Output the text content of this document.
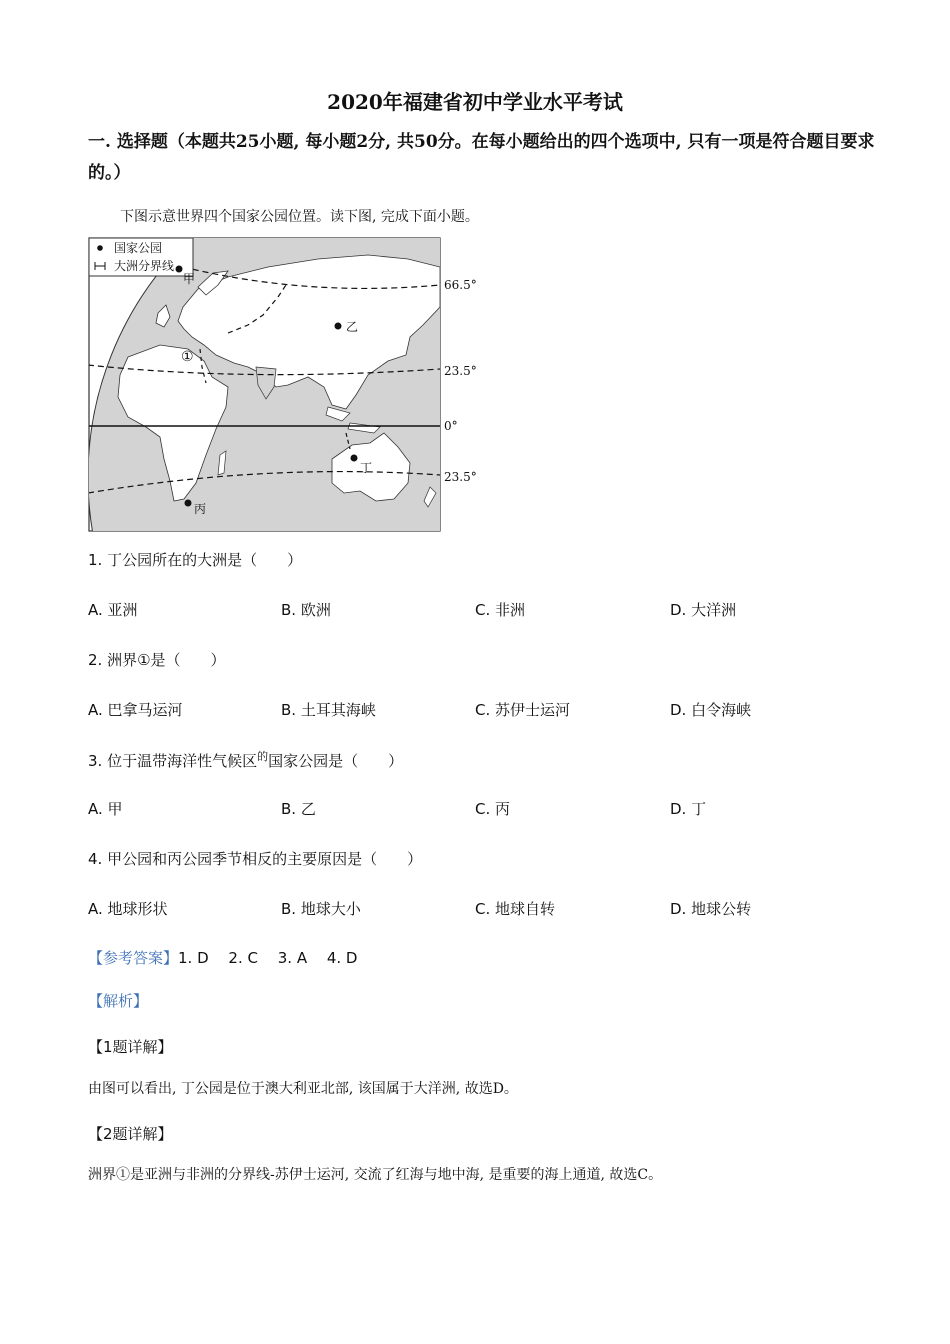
2020年福建省初中学业水平考试
一. 选择题（本题共25小题, 每小题2分, 共50分。在每小题给出的四个选项中, 只有一项是符合题目要求的。）
下图示意世界四个国家公园位置。读下图, 完成下面小题。
国家公园
大洲分界线
甲
乙
丙
丁
①
66.5°
23.5°
0°
23.5°
1. 丁公园所在的大洲是（　　）
A. 亚洲	B. 欧洲	C. 非洲	D. 大洋洲
2. 洲界①是（　　）
A. 巴拿马运河	B. 土耳其海峡	C. 苏伊士运河	D. 白令海峡
3. 位于温带海洋性气候区$^的$国家公园是（　　）
A. 甲	B. 乙	C. 丙	D. 丁
4. 甲公园和丙公园季节相反的主要原因是（　　）
A. 地球形状	B. 地球大小	C. 地球自转	D. 地球公转
【参考答案】1. D　 2. C　 3. A　 4. D
【解析】
【1题详解】
由图可以看出, 丁公园是位于澳大利亚北部, 该国属于大洋洲, 故选D。
【2题详解】
洲界①是亚洲与非洲的分界线-苏伊士运河, 交流了红海与地中海, 是重要的海上通道, 故选C。
